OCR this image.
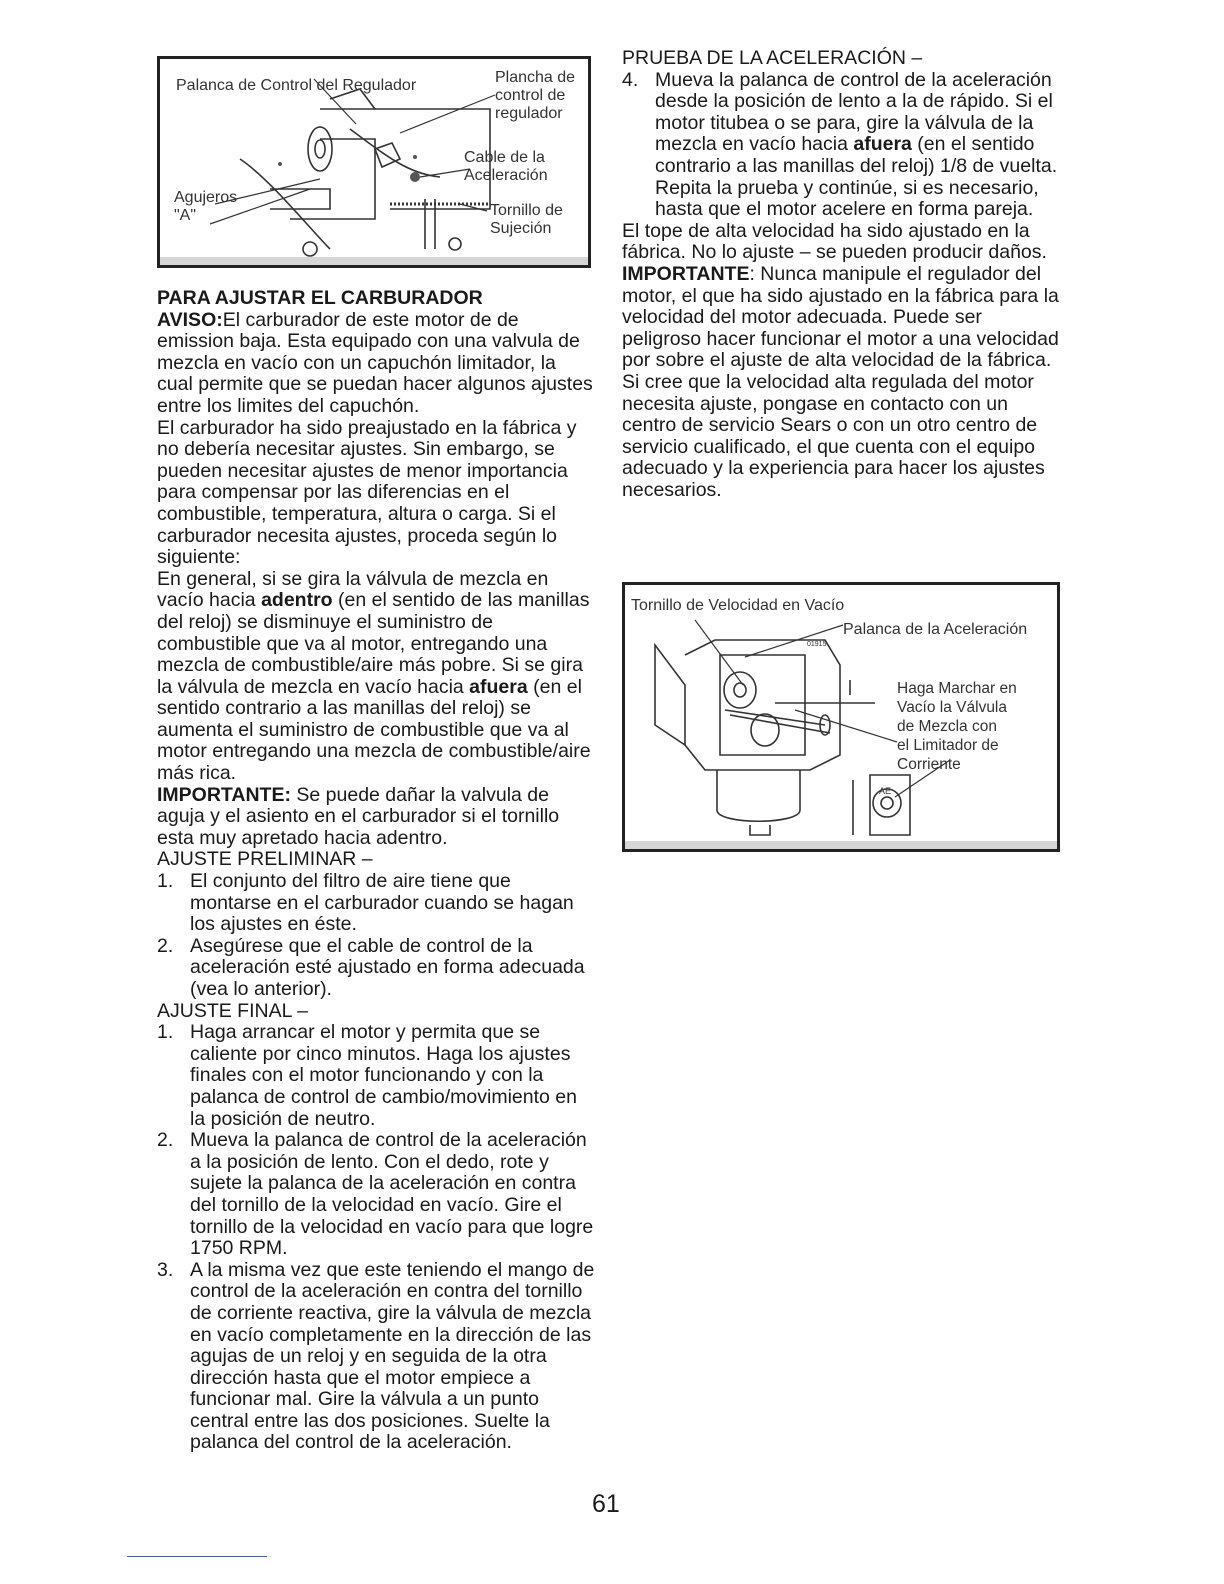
Palanca de Control del Regulador	Plancha de
control de
regulador
Cable de la
Aceleración
Agujeros
"A"	Tornillo de
Sujeción

PARA AJUSTAR EL CARBURADOR

AVISO:El carburador de este motor de de emission baja. Esta equipado con una valvula de mezcla en vacío con un capuchón limitador, la cual permite que se puedan hacer algunos ajustes entre los limites del capuchón.

El carburador ha sido preajustado en la fábrica y no debería necesitar ajustes. Sin embargo, se pueden necesitar ajustes de menor importancia para compensar por las diferencias en el combustible, temperatura, altura o carga. Si el carburador necesita ajustes, proceda según lo siguiente:

En general, si se gira la válvula de mezcla en vacío hacia adentro (en el sentido de las manillas del reloj) se disminuye el suministro de combustible que va al motor, entregando una mezcla de combustible/aire más pobre. Si se gira la válvula de mezcla en vacío hacia afuera (en el sentido contrario a las manillas del reloj) se aumenta el suministro de combustible que va al motor entregando una mezcla de combustible/aire más rica.

IMPORTANTE: Se puede dañar la valvula de aguja y el asiento en el carburador si el tornillo esta muy apretado hacia adentro.

AJUSTE PRELIMINAR –

1. El conjunto del filtro de aire tiene que montarse en el carburador cuando se hagan los ajustes en éste.
2. Asegúrese que el cable de control de la aceleración esté ajustado en forma adecuada (vea lo anterior).

AJUSTE FINAL –

1. Haga arrancar el motor y permita que se caliente por cinco minutos. Haga los ajustes finales con el motor funcionando y con la palanca de control de cambio/movimiento en la posición de neutro.
2. Mueva la palanca de control de la aceleración a la posición de lento. Con el dedo, rote y sujete la palanca de la aceleración en contra del tornillo de la velocidad en vacío. Gire el tornillo de la velocidad en vacío para que logre 1750 RPM.
3. A la misma vez que este teniendo el mango de control de la aceleración en contra del tornillo de corriente reactiva, gire la válvula de mezcla en vacío completamente en la dirección de las agujas de un reloj y en seguida de la otra dirección hasta que el motor empiece a funcionar mal. Gire la válvula a un punto central entre las dos posiciones. Suelte la palanca del control de la aceleración.

PRUEBA DE LA ACELERACIÓN –

4. Mueva la palanca de control de la aceleración desde la posición de lento a la de rápido. Si el motor titubea o se para, gire la válvula de la mezcla en vacío hacia afuera (en el sentido contrario a las manillas del reloj) 1/8 de vuelta. Repita la prueba y continúe, si es necesario, hasta que el motor acelere en forma pareja.

El tope de alta velocidad ha sido ajustado en la fábrica. No lo ajuste – se pueden producir daños.

IMPORTANTE: Nunca manipule el regulador del motor, el que ha sido ajustado en la fábrica para la velocidad del motor adecuada. Puede ser peligroso hacer funcionar el motor a una velocidad por sobre el ajuste de alta velocidad de la fábrica. Si cree que la velocidad alta regulada del motor necesita ajuste, pongase en contacto con un centro de servicio Sears o con un otro centro de servicio cualificado, el que cuenta con el equipo adecuado y la experiencia para hacer los ajustes necesarios.

Tornillo de Velocidad en Vacío
Palanca de la Aceleración
01915
Haga Marchar en
Vacío la Válvula
de Mezcla con
el Limitador de
Corriente
AE
61
